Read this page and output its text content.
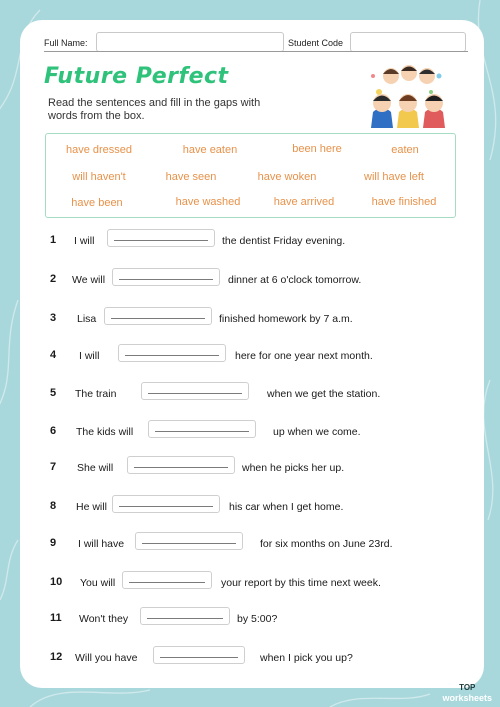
Full Name:	Student Code
Future Perfect

Read the sentences and fill in the gaps with words from the box.

have dressed	have eaten	been here	eaten
will haven't	have seen	have woken	will have left
have been	have washed	have arrived	have finished
1 I will	the dentist Friday evening.
2 We will	dinner at 6 o'clock tomorrow.
3 Lisa	finished homework by 7 a.m.
4 I will	here for one year next month.
5 The train	when we get the station.
6 The kids will	up when we come.
7 She will	when he picks her up.
8 He will	his car when I get home.
9 I will have	for six months on June 23rd.
10 You will	your report by this time next week.
11 Won't they	by 5:00?
12 Will you have	when I pick you up?
TOP
worksheets
